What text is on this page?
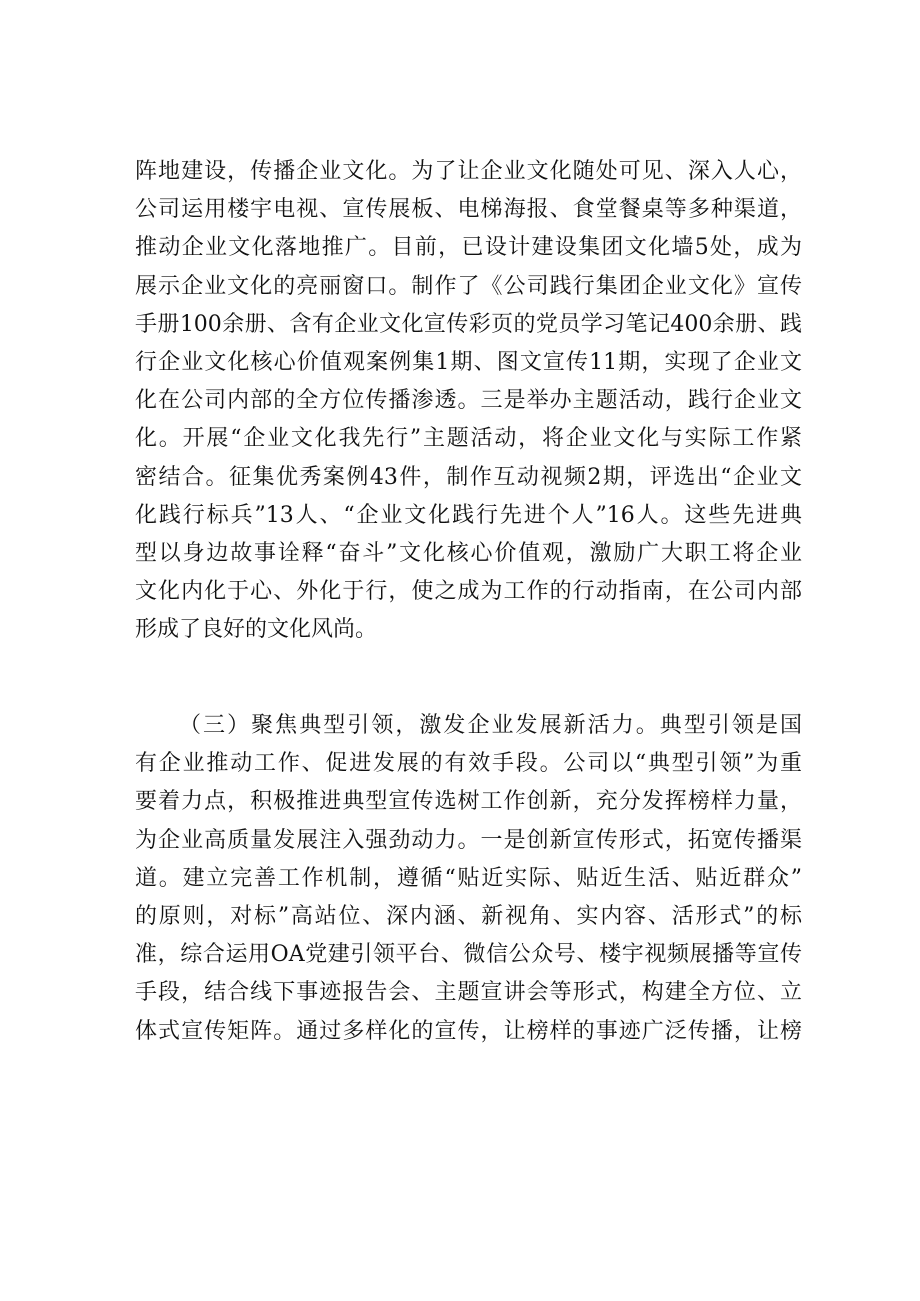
阵地建设，传播企业文化。为了让企业文化随处可见、深入人心，
公司运用楼宇电视、宣传展板、电梯海报、食堂餐桌等多种渠道，
推动企业文化落地推广。目前，已设计建设集团文化墙5处，成为
展示企业文化的亮丽窗口。制作了《公司践行集团企业文化》宣传
手册100余册、含有企业文化宣传彩页的党员学习笔记400余册、践
行企业文化核心价值观案例集1期、图文宣传11期，实现了企业文
化在公司内部的全方位传播渗透。三是举办主题活动，践行企业文
化。开展“企业文化我先行”主题活动，将企业文化与实际工作紧
密结合。征集优秀案例43件，制作互动视频2期，评选出“企业文
化践行标兵”13人、“企业文化践行先进个人”16人。这些先进典
型以身边故事诠释“奋斗”文化核心价值观，激励广大职工将企业
文化内化于心、外化于行，使之成为工作的行动指南，在公司内部
形成了良好的文化风尚。
（三）聚焦典型引领，激发企业发展新活力。典型引领是国
有企业推动工作、促进发展的有效手段。公司以“典型引领”为重
要着力点，积极推进典型宣传选树工作创新，充分发挥榜样力量，
为企业高质量发展注入强劲动力。一是创新宣传形式，拓宽传播渠
道。建立完善工作机制，遵循“贴近实际、贴近生活、贴近群众”
的原则，对标”高站位、深内涵、新视角、实内容、活形式”的标
准，综合运用OA党建引领平台、微信公众号、楼宇视频展播等宣传
手段，结合线下事迹报告会、主题宣讲会等形式，构建全方位、立
体式宣传矩阵。通过多样化的宣传，让榜样的事迹广泛传播，让榜
